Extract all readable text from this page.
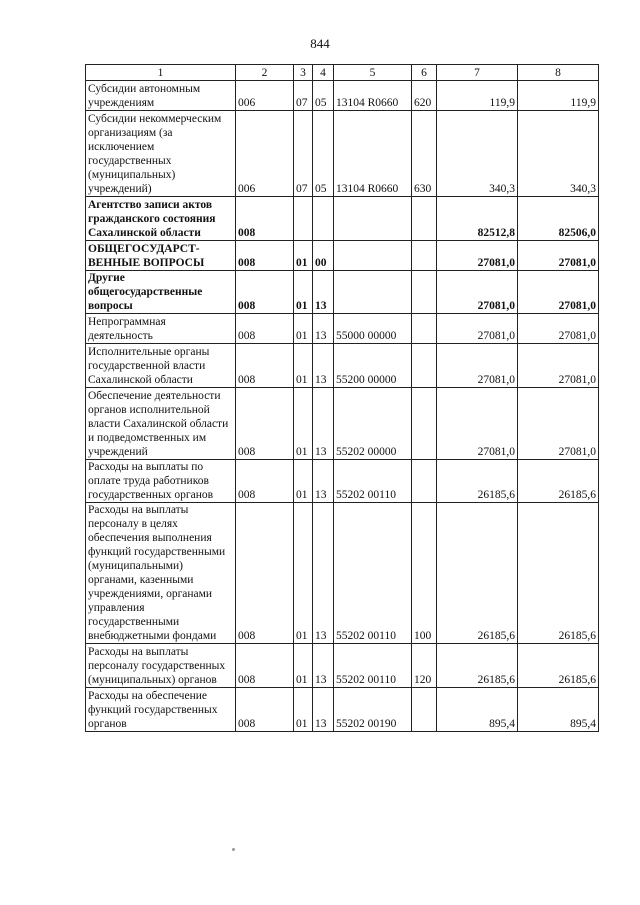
844
1	2	3	4	5	6	7	8
Субсидии автономным учреждениям	006	07	05	13104 R0660	620	119,9	119,9
Субсидии некоммерческим организациям (за исключением государственных (муниципальных) учреждений)	006	07	05	13104 R0660	630	340,3	340,3
Агентство записи актов гражданского состояния Сахалинской области	008					82512,8	82506,0
ОБЩЕГОСУДАРСТ-ВЕННЫЕ ВОПРОСЫ	008	01	00			27081,0	27081,0
Другие общегосударственные вопросы	008	01	13			27081,0	27081,0
Непрограммная деятельность	008	01	13	55000 00000		27081,0	27081,0
Исполнительные органы государственной власти Сахалинской области	008	01	13	55200 00000		27081,0	27081,0
Обеспечение деятельности органов исполнительной власти Сахалинской области и подведомственных им учреждений	008	01	13	55202 00000		27081,0	27081,0
Расходы на выплаты по оплате труда работников государственных органов	008	01	13	55202 00110		26185,6	26185,6
Расходы на выплаты персоналу в целях обеспечения выполнения функций государственными (муниципальными) органами, казенными учреждениями, органами управления государственными внебюджетными фондами	008	01	13	55202 00110	100	26185,6	26185,6
Расходы на выплаты персоналу государственных (муниципальных) органов	008	01	13	55202 00110	120	26185,6	26185,6
Расходы на обеспечение функций государственных органов	008	01	13	55202 00190		895,4	895,4
